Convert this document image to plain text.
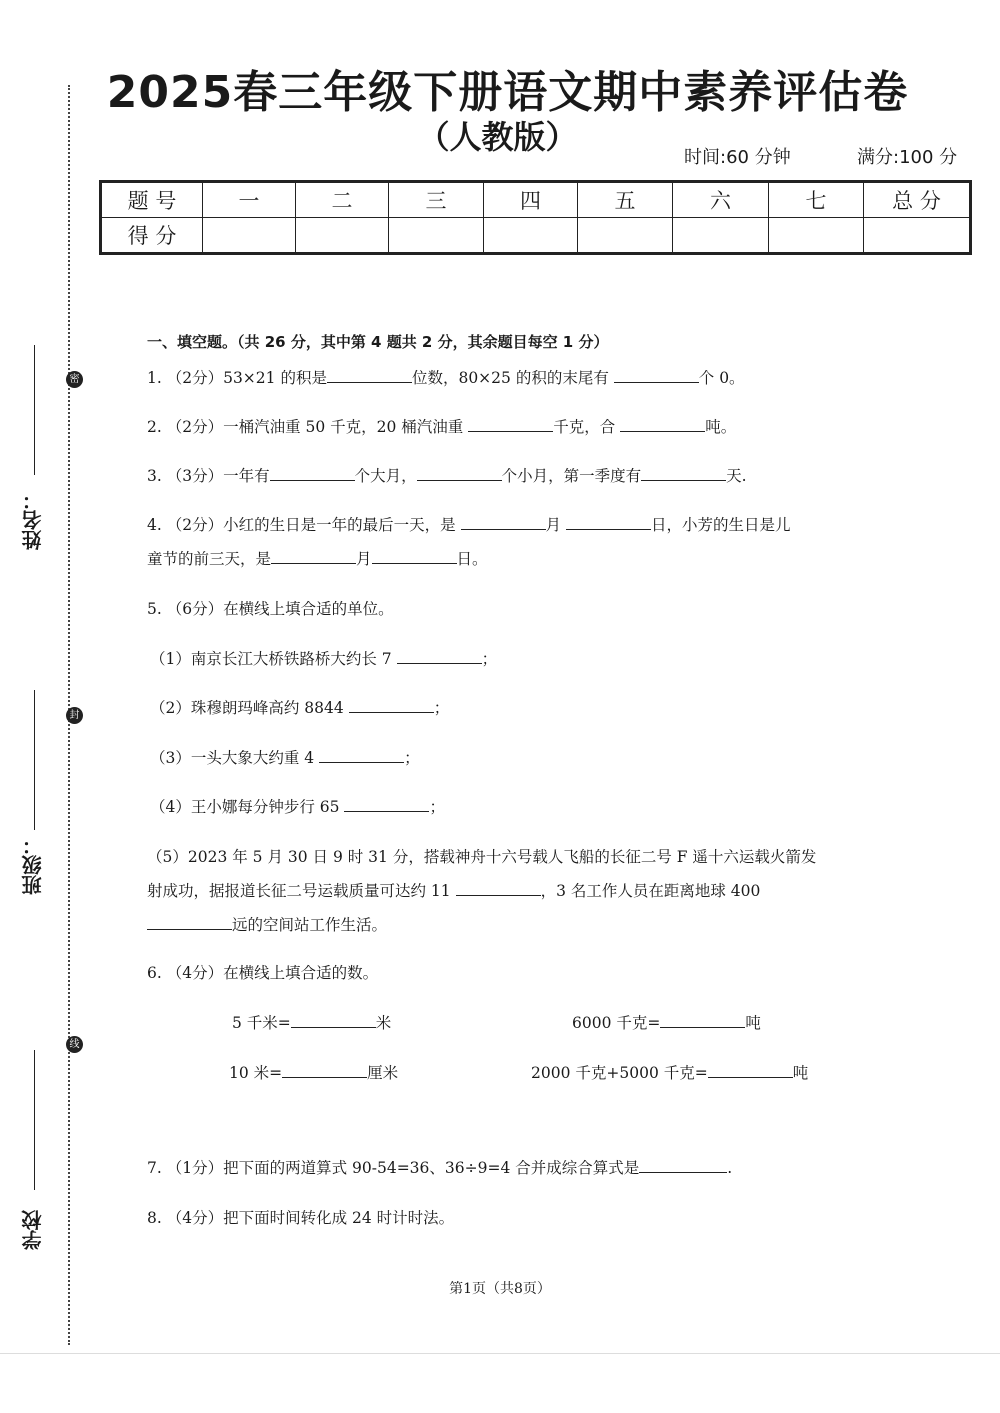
密
封
线
姓名：
班级：
学校
2025春三年级下册语文期中素养评估卷
（人教版）
时间:60 分钟	满分:100 分
题 号	一	二	三	四	五	六	七	总 分
得 分								
一、填空题。（共 26 分，其中第 4 题共 2 分，其余题目每空 1 分）
1. （2分）53×21 的积是	位数，80×25 的积的末尾有	个 0。
2. （2分）一桶汽油重 50 千克，20 桶汽油重	千克，合	吨。
3. （3分）一年有	个大月，	个小月，第一季度有	天.
4. （2分）小红的生日是一年的最后一天，是	月	日，小芳的生日是儿
童节的前三天，是	月	日。
5. （6分）在横线上填合适的单位。
（1）南京长江大桥铁路桥大约长 7	；
（2）珠穆朗玛峰高约 8844	；
（3）一头大象大约重 4	；
（4）王小娜每分钟步行 65	；
（5）2023 年 5 月 30 日 9 时 31 分，搭载神舟十六号载人飞船的长征二号 F 遥十六运载火箭发
射成功，据报道长征二号运载质量可达约 11	，3 名工作人员在距离地球 400
远的空间站工作生活。
6. （4分）在横线上填合适的数。
5 千米=	米	6000 千克=	吨
10 米=	厘米	2000 千克+5000 千克=	吨
7. （1分）把下面的两道算式 90-54=36、36÷9=4 合并成综合算式是	.
8. （4分）把下面时间转化成 24 时计时法。
第1页（共8页）
